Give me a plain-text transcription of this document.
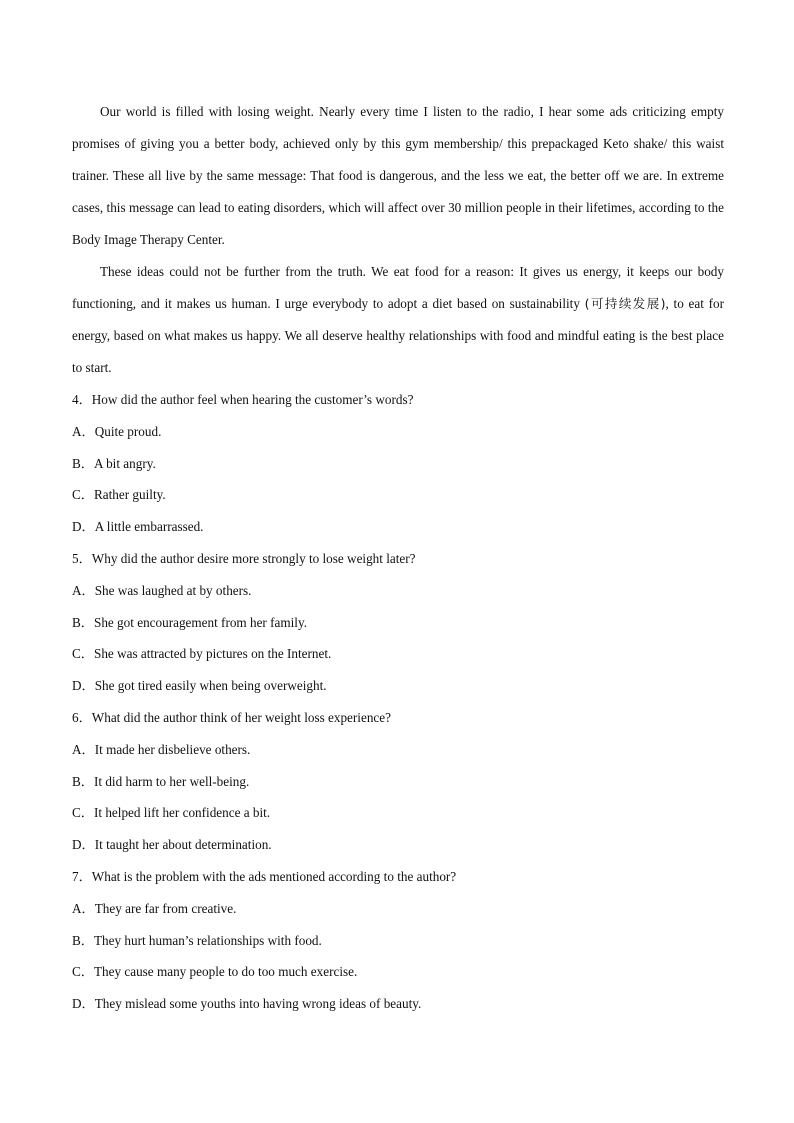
Our world is filled with losing weight. Nearly every time I listen to the radio, I hear some ads criticizing empty promises of giving you a better body, achieved only by this gym membership/ this prepackaged Keto shake/ this waist trainer. These all live by the same message: That food is dangerous, and the less we eat, the better off we are. In extreme cases, this message can lead to eating disorders, which will affect over 30 million people in their lifetimes, according to the Body Image Therapy Center.

These ideas could not be further from the truth. We eat food for a reason: It gives us energy, it keeps our body functioning, and it makes us human. I urge everybody to adopt a diet based on sustainability (可持续发展), to eat for energy, based on what makes us happy. We all deserve healthy relationships with food and mindful eating is the best place to start.

4．How did the author feel when hearing the customer’s words?

A．Quite proud.

B．A bit angry.

C．Rather guilty.

D．A little embarrassed.

5．Why did the author desire more strongly to lose weight later?

A．She was laughed at by others.

B．She got encouragement from her family.

C．She was attracted by pictures on the Internet.

D．She got tired easily when being overweight.

6．What did the author think of her weight loss experience?

A．It made her disbelieve others.

B．It did harm to her well-being.

C．It helped lift her confidence a bit.

D．It taught her about determination.

7．What is the problem with the ads mentioned according to the author?

A．They are far from creative.

B．They hurt human’s relationships with food.

C．They cause many people to do too much exercise.

D．They mislead some youths into having wrong ideas of beauty.
